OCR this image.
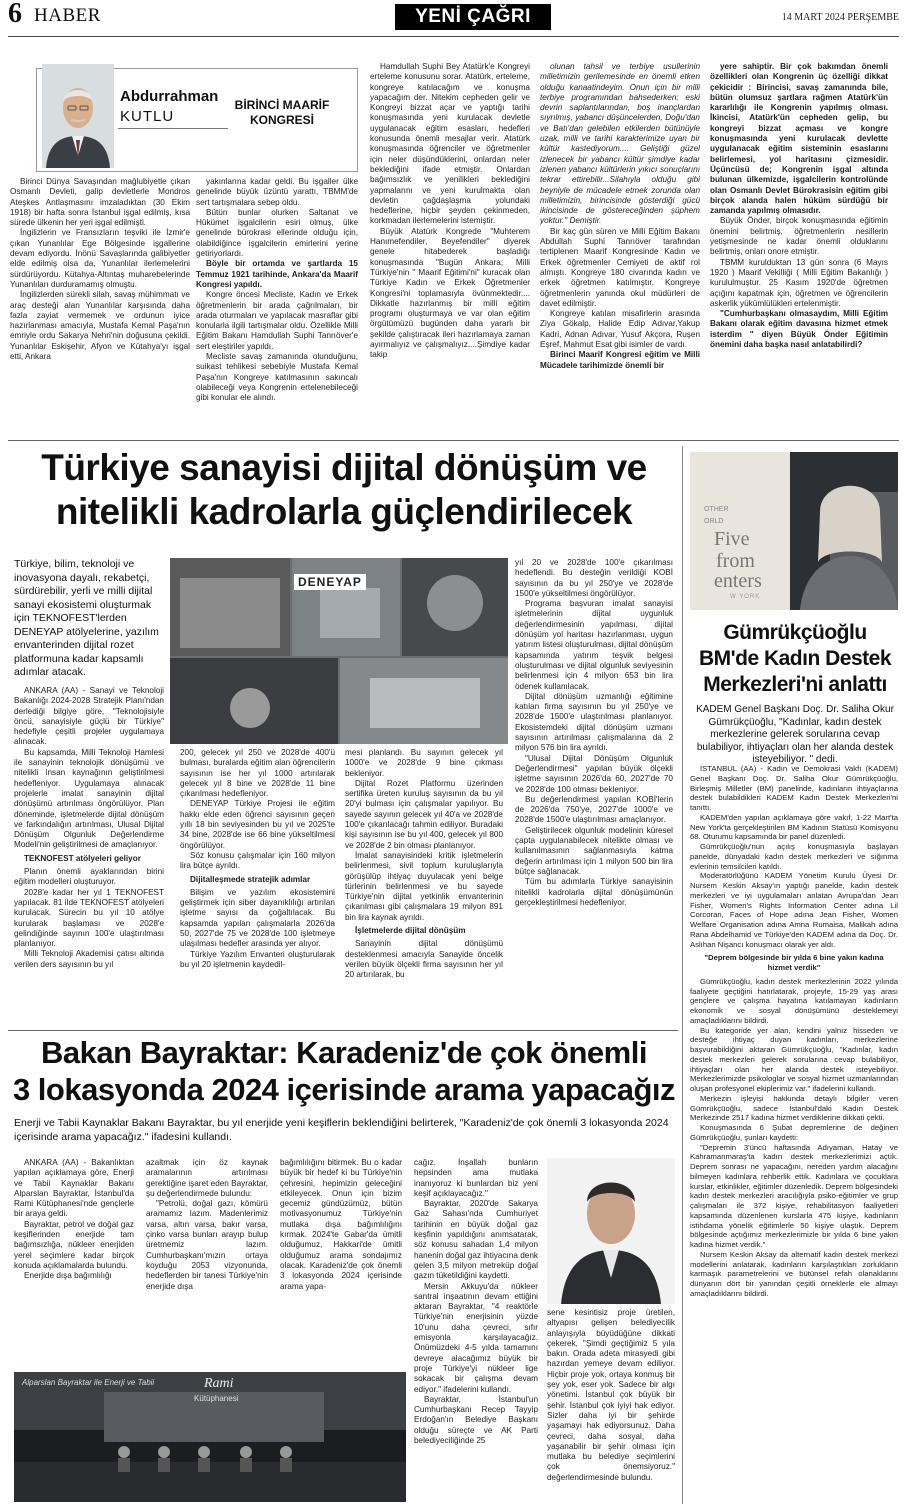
6 HABER	YENİ ÇAĞRI	14 MART 2024 PERŞEMBE
Abdurrahman
KUTLU
BİRİNCİ MAARİF
KONGRESİ

Birinci Dünya Savaşından mağlubiyetle çıkan Osmanlı Devleti, galip devletlerle Mondros Ateşkes Antlaşmasını imzaladıktan (30 Ekim 1918) bir hafta sonra İstanbul işgal edilmiş, kısa sürede ülkenin her yeri işgal edilmişti.

İngilizlerin ve Fransızların teşviki ile İzmir'e çıkan Yunanlılar Ege Bölgesinde işgallerine devam ediyordu. İnönü Savaşlarında galibiyetler elde edilmiş olsa da, Yunanlılar ilerlemelerini sürdürüyordu. Kütahya-Altıntaş muharebelerinde Yunanlıları durduramamış olmuştu.

İngilizlerden sürekli silah, savaş mühimmatı ve araç desteği alan Yunanlılar karşısında daha fazla zayiat vermemek ve ordunun iyice hazırlanması amacıyla, Mustafa Kemal Paşa'nın emriyle ordu Sakarya Nehri'nin doğusuna çekildi. Yunanlılar Eskişehir, Afyon ve Kütahya'yı işgal etti, Ankara

yakınlarına kadar geldi. Bu işgaller ülke genelinde büyük üzüntü yarattı, TBMM'de sert tartışmalara sebep oldu.

Bütün bunlar olurken Saltanat ve Hükümet işgalcilerin esiri olmuş, ülke genelinde bürokrasi ellerinde olduğu için, olabildiğince işgalcilerin emirlerini yerine getiriyorlardı.

Böyle bir ortamda ve şartlarda 15 Temmuz 1921 tarihinde, Ankara'da Maarif Kongresi yapıldı.

Kongre öncesi Mecliste, Kadın ve Erkek öğretmenlerin bir arada çağrılmaları, bir arada oturmaları ve yapılacak masraflar gibi konularla ilgili tartışmalar oldu. Özellikle Milli Eğitim Bakanı Hamdullah Suphi Tanrıöver'e sert eleştiriler yapıldı.

Mecliste savaş zamanında olunduğunu, suikast tehlikesi sebebiyle Mustafa Kemal Paşa'nın Kongreye katılmasının sakıncalı olabileceği veya Kongrenin ertelenebileceği gibi konular ele alındı.

Hamdullah Suphi Bey Atatürk'e Kongreyi erteleme konusunu sorar. Atatürk, erteleme, kongreye katılacağım ve konuşma yapacağım der. Nitekim cepheden gelir ve Kongreyi bizzat açar ve yaptığı tarihi konuşmasında yeni kurulacak devletle uygulanacak eğitim esasları, hedefleri konusunda önemli mesajlar verir. Atatürk konuşmasında öğrenciler ve öğretmenler için neler düşündüklerini, onlardan neler beklediğini ifade etmiştir. Onlardan bağımsızlık ve yenilikleri beklediğini yapmalarını ve yeni kurulmakta olan devletin çağdaşlaşma yolundaki hedeflerine, hiçbir şeyden çekinmeden, korkmadan ilerlemelerini istemiştir.

Büyük Atatürk Kongrede "Muhterem Hanımefendiler, Beyefendiler" diyerek genele hitabederek başladığı konuşmasında "Bugün Ankara; Milli Türkiye'nin " Maarif Eğitimi'ni" kuracak olan Türkiye Kadın ve Erkek Öğretmenler Kongresi'ni toplamasıyla övünmektedir.... Dikkatle hazırlanmış bir milli eğitim programı oluşturmaya ve var olan eğitim örgütümüzü bugünden daha yararlı bir şekilde çalıştıracak ileri hazırlamaya zaman ayırmalıyız ve çalışmalıyız....Şimdiye kadar takip

olunan tahsil ve terbiye usullerinin milletimizin gerilemesinde en önemli etken olduğu kanaatindeyim. Onun için bir milli terbiye programından bahsederken; eski devrin saplantılarından, boş inançlardan sıyrılmış, yabancı düşüncelerden, Doğu'dan ve Batı'dan gelebilen etkilerden bütünüyle uzak, milli ve tarihi karakterimize uyan bir kültür kastediyorum.... Geliştiği güzel izlenecek bir yabancı kültür şimdiye kadar izlenen yabancı kültürlerin yıkıcı sonuçlarını tekrar ettirebilir...Silahıyla olduğu gibi beyniyle de mücadele etmek zorunda olan milletimizin, birincisinde gösterdiği gücü ikincisinde de göstereceğinden şüphem yoktur." Demiştir.

Bir kaç gün süren ve Milli Eğitim Bakanı Abdullah Suphi Tanrıöver tarafından tertiplenen Maarif Kongresinde Kadın ve Erkek öğretmenler Cemiyeti de aktif rol almıştı. Kongreye 180 civarında kadın ve erkek öğretmen katılmıştır. Kongreye öğretmenlerin yanında okul müdürleri de davet edilmiştir.

Kongreye katılan misafirlerin arasında Ziya Gökalp, Halide Edip Adıvar,Yakup Kadri, Adnan Adıvar, Yusuf Akçora, Ruşen Eşref, Mahmut Esat gibi isimler de vardı.

Birinci Maarif Kongresi eğitim ve Milli Mücadele tarihimizde önemli bir

yere sahiptir. Bir çok bakımdan önemli özellikleri olan Kongrenin üç özelliği dikkat çekicidir : Birincisi, savaş zamanında bile, bütün olumsuz şartlara rağmen Atatürk'ün kararlılığı ile Kongrenin yapılmış olması. İkincisi, Atatürk'ün cepheden gelip, bu kongreyi bizzat açması ve kongre konuşmasında yeni kurulacak devlette uygulanacak eğitim sisteminin esaslarını belirlemesi, yol haritasını çizmesidir. Üçüncüsü de; Kongrenin işgal altında bulunan ülkemizde, işgalcilerin kontrolünde olan Osmanlı Devlet Bürokrasisin eğitim gibi birçok alanda halen hüküm sürdüğü bir zamanda yapılmış olmasıdır.

Büyük Önder, birçok konuşmasında eğitimin önemini belirtmiş, öğretmenlerin nesillerin yetişmesinde ne kadar önemli olduklarını belirtmiş, onları onore etmiştir.

TBMM kurulduktan 13 gün sonra (6 Mayıs 1920 ) Maarif Vekilliği ( Milli Eğitim Bakanlığı ) kurululmuştur. 25 Kasım 1920'de öğretmen açığını kapatmak için, öğretmen ve öğrencilerin askerlik yükümlülükleri ertelenmiştir.

"Cumhurbaşkanı olmasaydım, Milli Eğitim Bakanı olarak eğitim davasına hizmet etmek isterdim " diyen Büyük Önder Eğitimin önemini daha başka nasıl anlatabilirdi?

Türkiye sanayisi dijital dönüşüm ve
nitelikli kadrolarla güçlendirilecek
Türkiye, bilim, teknoloji ve inovasyona dayalı, rekabetçi, sürdürebilir, yerli ve milli dijital sanayi ekosistemi oluşturmak için TEKNOFEST'lerden DENEYAP atölyelerine, yazılım envanterinden dijital rozet platformuna kadar kapsamlı adımlar atacak.
DENEYAP

ANKARA (AA) - Sanayi ve Teknoloji Bakanlığı 2024-2028 Stratejik Planı'ndan derlediği bilgiye göre, "Teknolojisiyle öncü, sanayisiyle güçlü bir Türkiye" hedefiyle çeşitli projeler uygulamaya alınacak.

Bu kapsamda, Milli Teknoloji Hamlesi ile sanayinin teknolojik dönüşümü ve nitelikli insan kaynağının geliştirilmesi hedefleniyor. Uygulamaya alınacak projelerle imalat sanayinin dijital dönüşümü artırılması öngörülüyor. Plan döneminde, işletmelerde dijital dönüşüm ve farkındalığın artırılması, Ulusal Dijital Dönüşüm Olgunluk Değerlendirme Modeli'nin geliştirilmesi de amaçlanıyor.

TEKNOFEST atölyeleri geliyor

Planın önemli ayaklarından birini eğitim modelleri oluşturuyor.

2028'e kadar her yıl 1 TEKNOFEST yapılacak. 81 ilde TEKNOFEST atölyeleri kurulacak. Sürecin bu yıl 10 atölye kurularak başlaması ve 2028'e gelindiğinde sayının 100'e ulaştırılması planlanıyor.

Milli Teknoloji Akademisi çatısı altında verilen ders sayısının bu yıl

200, gelecek yıl 250 ve 2028'de 400'ü bulması, buralarda eğitim alan öğrencilerin sayısının ise her yıl 1000 artırılarak gelecek yıl 8 bine ve 2028'de 11 bine çıkarılması hedefleniyor.

DENEYAP Türkiye Projesi ile eğitim hakkı elde eden öğrenci sayısının geçen yıllı 18 bin seviyesinden bu yıl ve 2025'te 34 bine, 2028'de ise 66 bine yükseltilmesi öngörülüyor.

Söz konusu çalışmalar için 160 milyon lira bütçe ayrıldı.

Dijitalleşmede stratejik adımlar

Bilişim ve yazılım ekosistemini geliştirmek için siber dayanıklılığı artırılan işletme sayısı da çoğaltılacak. Bu kapsamda yapılan çalışmalarla 2026'da 50, 2027'de 75 ve 2028'de 100 işletmeye ulaşılması hedefler arasında yer alıyor.

Türkiye Yazılım Envanteri oluşturularak bu yıl 20 işletmenin kaydedil-

mesi planlandı. Bu sayının gelecek yıl 1000'e ve 2028'de 9 bine çıkması bekleniyor.

Dijital Rozet Platformu üzerinden sertifika üreten kuruluş sayısının da bu yıl 20'yi bulması için çalışmalar yapılıyor. Bu sayede sayının gelecek yıl 40'a ve 2028'de 100'e çıkarılacağı tahmin ediliyor. Buradaki kişi sayısının ise bu yıl 400, gelecek yıl 800 ve 2028'de 2 bin olması planlanıyor.

İmalat sanayisindeki kritik işletmelerin belirlenmesi, sivil toplum kuruluşlarıyla görüşülüp ihtiyaç duyulacak yeni belge türlerinin belirlenmesi ve bu sayede Türkiye'nin dijital yetkinlik envanterinin çıkarılması gibi çalışmalara 19 milyon 891 bin lira kaynak ayrıldı.

İşletmelerde dijital dönüşüm

Sanayinin dijital dönüşümü desteklenmesi amacıyla Sanayide öncelik verilen büyük ölçekli firma sayısının her yıl 20 artırılarak, bu

yıl 20 ve 2028'de 100'e çıkarılması hedeflendi. Bu desteğin verildiği KOBİ sayısının da bu yıl 250'ye ve 2028'de 1500'e yükseltilmesi öngörülüyor.

Programa başvuran imalat sanayisi işletmelerinin dijital uygunluk değerlendirmesinin yapılması, dijital dönüşüm yol haritası hazırlanması, uygun yatırım listesi oluşturulması, dijital dönüşüm kapsamında yatırım teşvik belgesi oluşturulması ve dijital olgunluk seviyesinin belirlenmesi için 4 milyon 653 bin lira ödenek kullanılacak.

Dijital dönüşüm uzmanlığı eğitimine katılan firma sayısının bu yıl 250'ye ve 2028'de 1500'e ulaştırılması planlanıyor. Ekosistemdeki dijital dönüşüm uzmanı sayısının artırılması çalışmalarına da 2 milyon 576 bin lira ayrıldı.

"Ulusal Dijital Dönüşüm Olgunluk Değerlendirmesi" yapılan büyük ölçekli işletme sayısının 2026'da 60, 2027'de 70 ve 2028'de 100 olması bekleniyor.

Bu değerlendirmesi yapılan KOBİ'lerin de 2026'da 750'ye, 2027'de 1000'e ve 2028'de 1500'e ulaştırılması amaçlanıyor.

Geliştirilecek olgunluk modelinin küresel çapta uygulanabilecek nitelikte olması ve kullanılmasının sağlanmasıyla katma değerin artırılması için 1 milyon 500 bin lira bütçe sağlanacak.

Tüm bu adımlarla Türkiye sanayisinin nitelikli kadrolarla dijital dönüşümünün gerçekleştirilmesi hedefleniyor.

OTHER
ORLD
Five
from
enters
W YORK
Gümrükçüoğlu
BM'de Kadın Destek
Merkezleri'ni anlattı
KADEM Genel Başkanı Doç. Dr. Saliha Okur Gümrükçüoğlu, "Kadınlar, kadın destek merkezlerine gelerek sorularına cevap bulabiliyor, ihtiyaçları olan her alanda destek isteyebiliyor. " dedi.

İSTANBUL (AA) - Kadın ve Demokrasi Vakfı (KADEM) Genel Başkanı Doç. Dr. Saliha Okur Gümrükçüoğlu, Birleşmiş Milletler (BM) panelinde, kadınların ihtiyaçlarına destek bulabildikleri KADEM Kadın Destek Merkezleri'ni tanıttı.

KADEM'den yapılan açıklamaya göre vakıf, 1-22 Mart'ta New York'ta gerçekleştirilen BM Kadının Statüsü Komisyonu 68. Oturumu kapsamında bir panel düzenledi.

Gümrükçüoğlu'nun açılış konuşmasıyla başlayan panelde, dünyadaki kadın destek merkezleri ve sığınma evlerinin temsilcileri katıldı.

Moderatörlüğünü KADEM Yönetim Kurulu Üyesi Dr. Nursem Keskin Aksay'ın yaptığı panelde, kadın destek merkezleri ve iyi uygulamaları anlatan Avrupa'dan Jean Fisher, Women's Rights Information Center adına Lil Corcoran, Faces of Hope adına Jean Fisher, Women Welfare Organisation adına Amna Rumaisa, Malikah adına Rana Abdelhamid ve Türkiye'den KADEM adına da Doç. Dr. Aslıhan Nişancı konuşmacı olarak yer aldı.

"Deprem bölgesinde bir yılda 6 bine yakın kadına hizmet verdik"

Gümrükçüoğlu, kadın destek merkezlerinin 2022 yılında faaliyete geçtiğini hatırlatarak, projeyle, 15-29 yaş arası gençlere ve çalışma hayatına katılamayan kadınların ekonomik ve sosyal dönüşümünü desteklemeyi amaçladıklarını bildirdi.

Bu kategoride yer alan, kendini yalnız hisseden ve desteğe ihtiyaç duyan kadınları, merkezlerine başvurabildiğini aktaran Gümrükçüoğlu, "Kadınlar, kadın destek merkezleri gelerek sorularına cevap bulabiliyor, ihtiyaçları olan her alanda destek isteyebiliyor. Merkezlerimizde psikologlar ve sosyal hizmet uzmanlarından oluşan profesyonel ekiplerimiz var." ifadelerini kullandı.

Merkezin işleyişi hakkında detaylı bilgiler veren Gümrükçüoğlu, sadece İstanbul'daki Kadın Destek Merkezinde 2517 kadına hizmet verdiklerine dikkati çekti.

Konuşmasında 6 Şubat depremlerine de değinen Gümrükçüoğlu, şunları kaydetti:

"Depremin 3'üncü haftasında Adıyaman, Hatay ve Kahramanmaraş'ta kadın destek merkezlerimizi açtık. Deprem sonrası ne yapacağını, nereden yardım alacağını bilmeyen kadınlara rehberlik ettik. Kadınlara ve çocuklara kurslar, etkinlikler, eğitimler düzenledik. Deprem bölgesindeki kadın destek merkezleri aracılığıyla psiko-eğitimler ve grup çalışmaları ile 372 kişiye, rehabilitasyon faaliyetleri kapsamında düzenlenen kurslarla 475 kişiye, kadınların istihdama yönelik eğitimlerle 50 kişiye ulaştık. Deprem bölgesinde açtığımız merkezlerimizle bir yılda 6 bine yakın kadına hizmet verdik."

Nursem Keskin Aksay da alternatif kadın destek merkezi modellerini anlatarak, kadınların karşılaştıkları zorlukların karmaşık parametrelerini ve bütünsel refah olanaklarını dünyanın dört bir yanından çeşitli örneklerle ele almayı amaçladıklarını bildirdi.

Bakan Bayraktar: Karadeniz'de çok önemli
3 lokasyonda 2024 içerisinde arama yapacağız
Enerji ve Tabii Kaynaklar Bakanı Bayraktar, bu yıl enerjide yeni keşiflerin beklendiğini belirterek, "Karadeniz'de çok önemli 3 lokasyonda 2024 içerisinde arama yapacağız." ifadesini kullandı.

ANKARA (AA) - Bakanlıktan yapılan açıklamaya göre, Enerji ve Tabii Kaynaklar Bakanı Alparslan Bayraktar, İstanbul'da Rami Kütüphanesi'nde gençlerle bir araya geldi.

Bayraktar, petrol ve doğal gaz keşiflerinden enerjide tam bağımsızlığa, nükleer enerjiden yerel seçimlere kadar birçok konuda açıklamalarda bulundu.

Enerjide dışa bağımlılığı

azaltmak için öz kaynak aramalarının artırılması gerektiğine işaret eden Bayraktar, şu değerlendirmede bulundu:

"Petrolü, doğal gazı, kömürü aramamız lazım. Madenlerimiz varsa, altın varsa, bakır varsa, çinko varsa bunları arayıp bulup üretmemiz lazım. Cumhurbaşkanı'mızın ortaya koyduğu 2053 vizyonunda, hedeflerden bir tanesi Türkiye'nin enerjide dışa

bağımlılığını bitirmek. Bu o kadar büyük bir hedef ki bu Türkiye'nin çehresini, hepimizin geleceğini etkileyecek. Onun için bizim gecemiz gündüzümüz, bütün motivasyonumuz Türkiye'nin mutlaka dışa bağımlılığını kırmak. 2024'te Gabar'da ümitli olduğumuz, Hakkari'de ümitli olduğumuz arama sondajımız olacak. Karadeniz'de çok önemli 3 lokasyonda 2024 içerisinde arama yapa-

cağız. İnşallah bunların hepsinden ama mutlaka inanıyoruz ki bunlardan biz yeni keşif açıklayacağız."

Bayraktar, 2020'de Sakarya Gaz Sahası'nda Cumhuriyet tarihinin en büyük doğal gaz keşfinin yapıldığını anımsatarak, söz konusu sahadan 1,4 milyon hanenin doğal gaz ihtiyacına denk gelen 3,5 milyon metreküp doğal gazın tüketildiğini kaydetti.

Mersin Akkuyu'da nükleer santral inşaatının devam ettiğini aktaran Bayraktar, "4 reaktörle Türkiye'nin enerjisinin yüzde 10'unu daha çevreci, sıfır emisyonla karşılayacağız. Önümüzdeki 4-5 yılda tamamını devreye alacağımız büyük bir proje Türkiye'yi nükleer lige sokacak bir çalışma devam ediyor." ifadelerini kullandı.

Bayraktar, İstanbul'un Cumhurbaşkanı Recep Tayyip Erdoğan'ın Belediye Başkanı olduğu süreçte ve AK Parti belediyeciliğinde 25

sene kesintisiz proje üretilen, altyapısı gelişen belediyecilik anlayışıyla büyüdüğüne dikkati çekerek, "Şimdi geçtiğimiz 5 yıla bakın. Orada adeta mirasyedi gibi hazırdan yemeye devam ediliyor. Hiçbir proje yok, ortaya konmuş bir şey yok, eser yok. Sadece bir algı yönetimi. İstanbul çok büyük bir şehir. İstanbul çok iyiyi hak ediyor. Sizler daha iyi bir şehirde yaşamayı hak ediyorsunuz. Daha çevreci, daha sosyal, daha yaşanabilir bir şehir olması için mutlaka bu belediye seçimlerini çok önemsiyoruz." değerlendirmesinde bulundu.

Alparslan Bayraktar ile Enerji ve Tabii	Rami
Kütüphanesi
